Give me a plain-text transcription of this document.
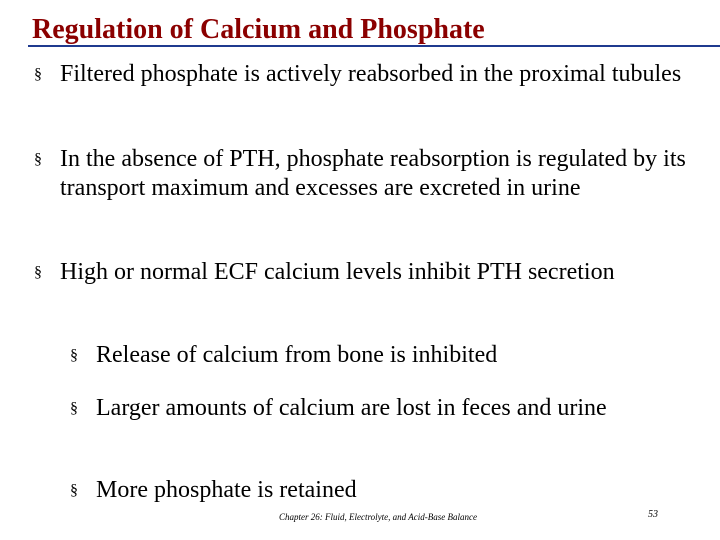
Regulation of Calcium and Phosphate
§ Filtered phosphate is actively reabsorbed in the proximal tubules
§ In the absence of PTH, phosphate reabsorption is regulated by its transport maximum and excesses are excreted in urine
§ High or normal ECF calcium levels inhibit PTH secretion
§ Release of calcium from bone is inhibited
§ Larger amounts of calcium are lost in feces and urine
§ More phosphate is retained
Chapter 26: Fluid, Electrolyte, and Acid-Base Balance	53
